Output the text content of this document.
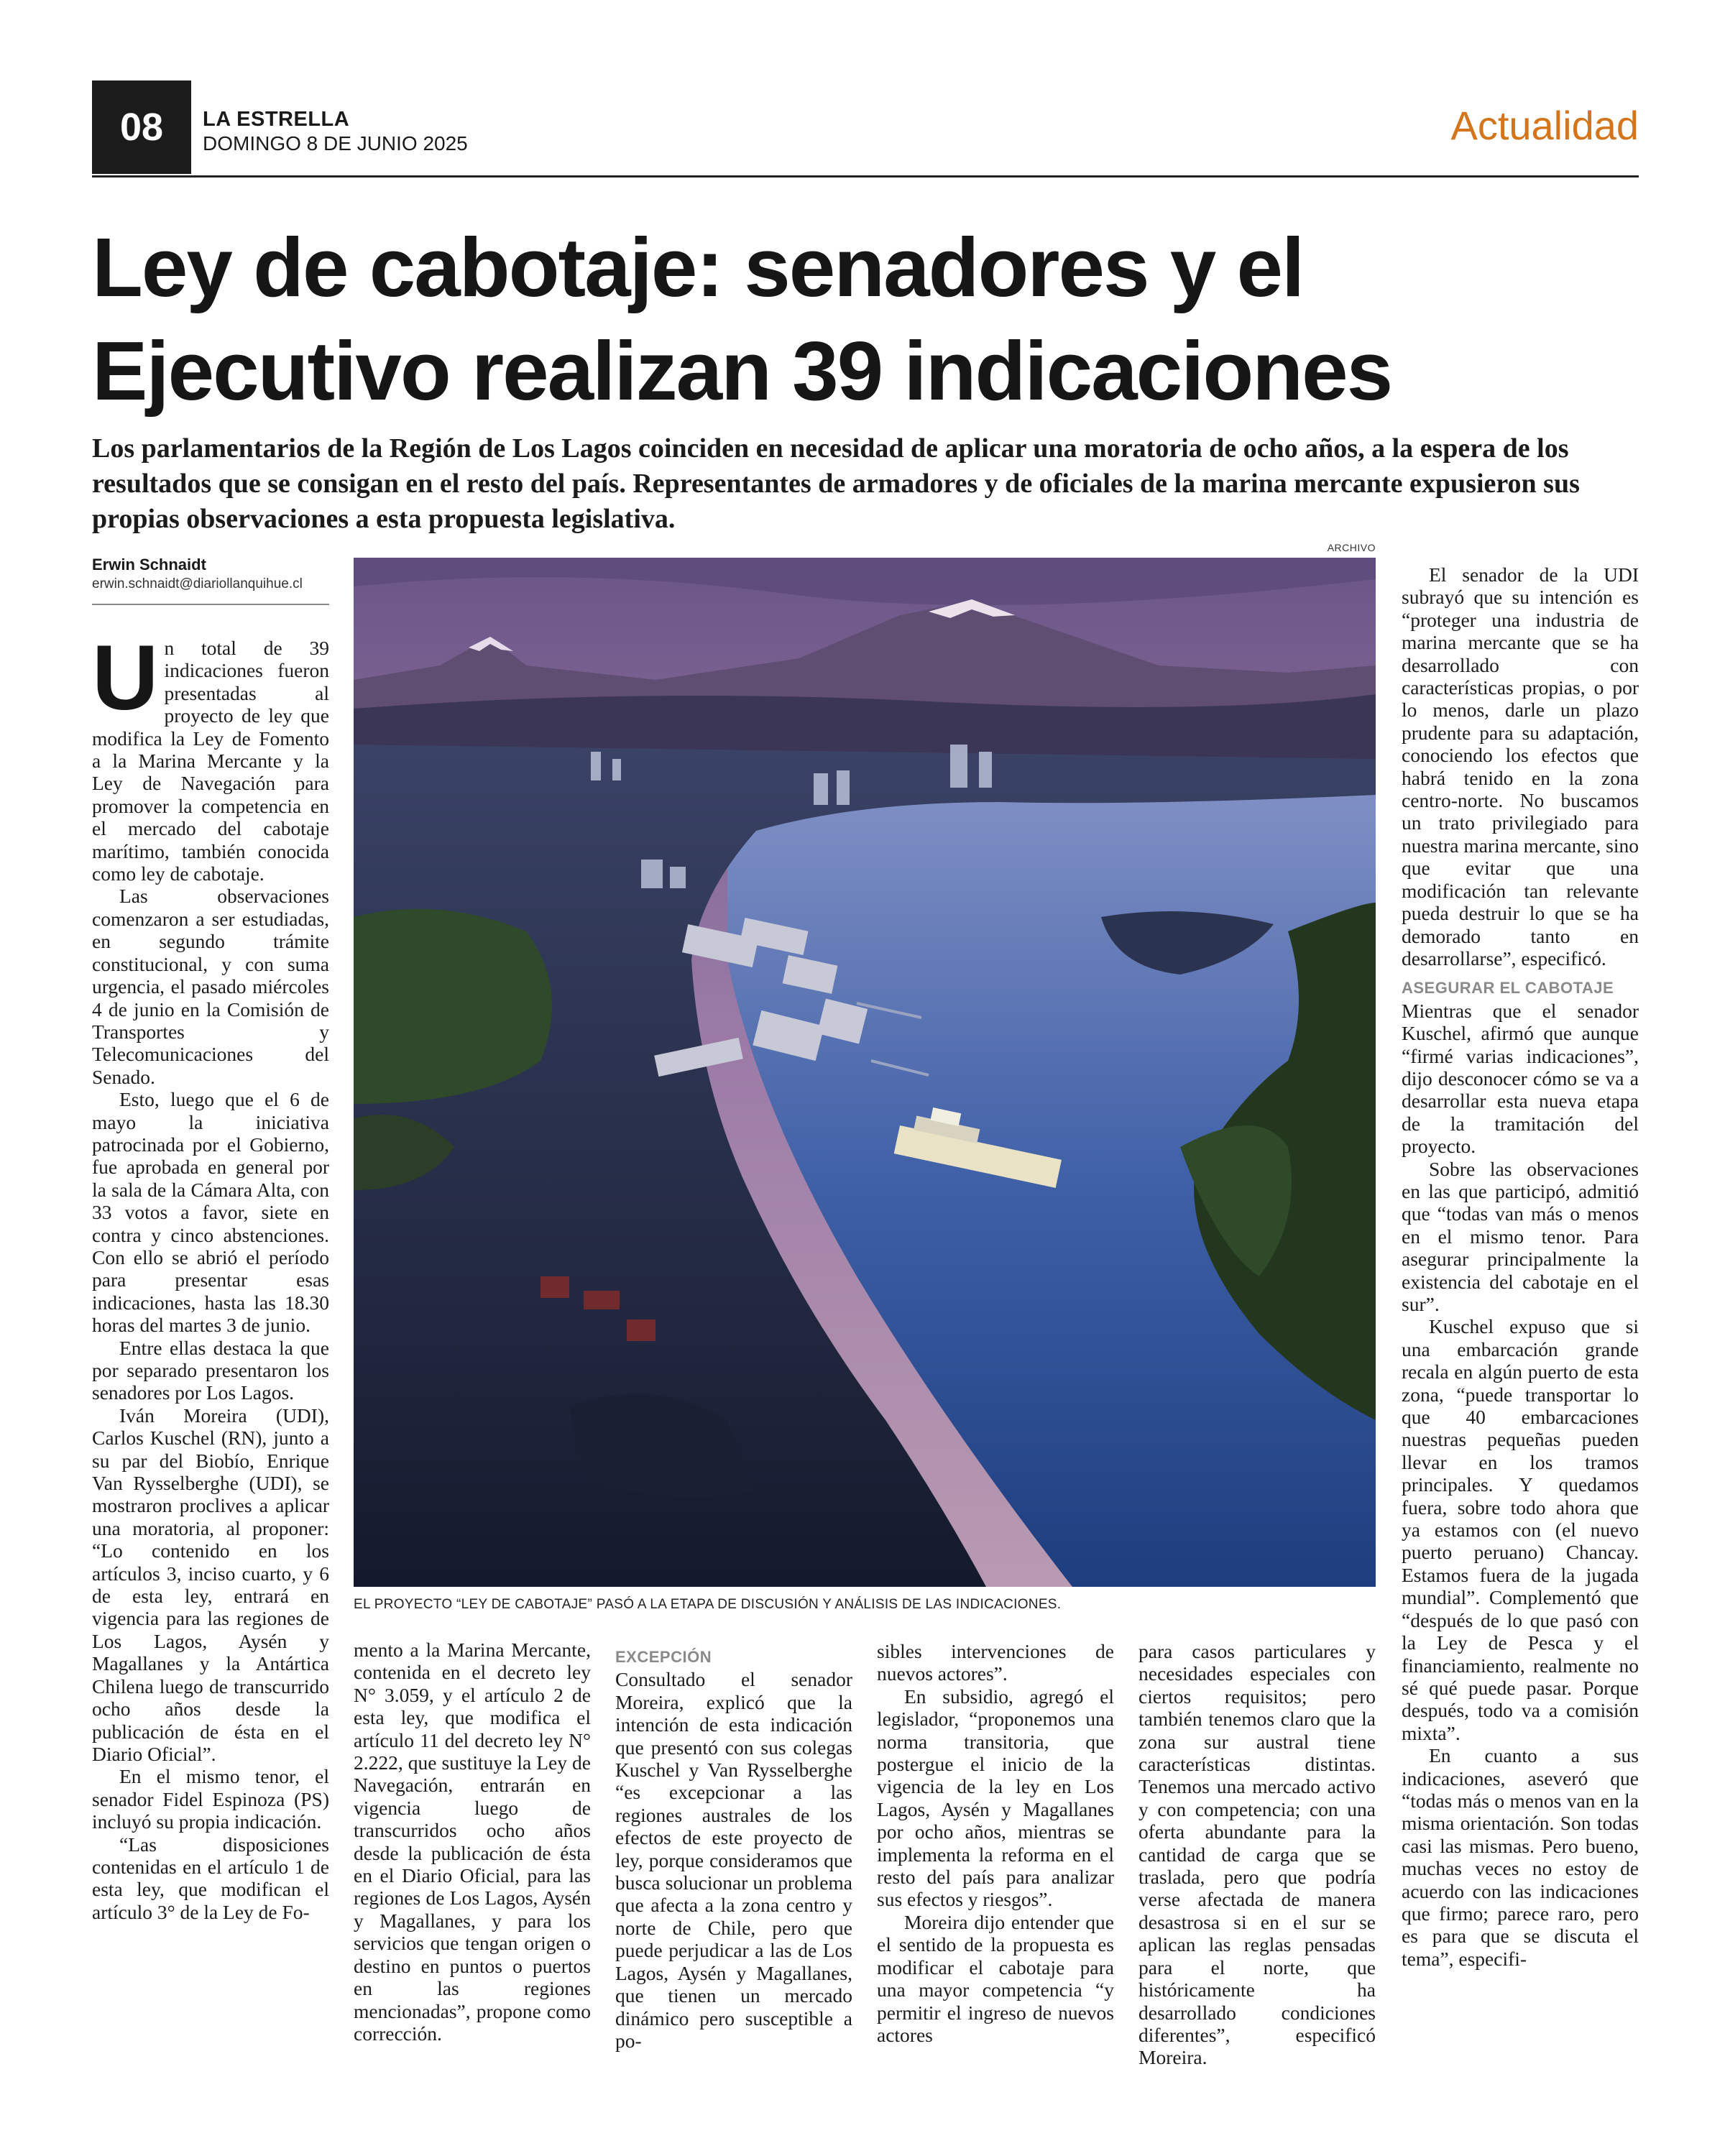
08	LA ESTRELLA
DOMINGO 8 DE JUNIO 2025	Actualidad
Ley de cabotaje: senadores y el Ejecutivo realizan 39 indicaciones
Los parlamentarios de la Región de Los Lagos coinciden en necesidad de aplicar una moratoria de ocho años, a la espera de los resultados que se consigan en el resto del país. Representantes de armadores y de oficiales de la marina mercante expusieron sus propias observaciones a esta propuesta legislativa.
Erwin Schnaidt
erwin.schnaidt@diariollanquihue.cl

Un total de 39 indicaciones fueron presentadas al proyecto de ley que modifica la Ley de Fomento a la Marina Mercante y la Ley de Navegación para promover la competencia en el mercado del cabotaje marítimo, también conocida como ley de cabotaje.

Las observaciones comenzaron a ser estudiadas, en segundo trámite constitucional, y con suma urgencia, el pasado miércoles 4 de junio en la Comisión de Transportes y Telecomunicaciones del Senado.

Esto, luego que el 6 de mayo la iniciativa patrocinada por el Gobierno, fue aprobada en general por la sala de la Cámara Alta, con 33 votos a favor, siete en contra y cinco abstenciones. Con ello se abrió el período para presentar esas indicaciones, hasta las 18.30 horas del martes 3 de junio.

Entre ellas destaca la que por separado presentaron los senadores por Los Lagos.

Iván Moreira (UDI), Carlos Kuschel (RN), junto a su par del Biobío, Enrique Van Rysselberghe (UDI), se mostraron proclives a aplicar una moratoria, al proponer: “Lo contenido en los artículos 3, inciso cuarto, y 6 de esta ley, entrará en vigencia para las regiones de Los Lagos, Aysén y Magallanes y la Antártica Chilena luego de transcurrido ocho años desde la publicación de ésta en el Diario Oficial”.

En el mismo tenor, el senador Fidel Espinoza (PS) incluyó su propia indicación.

“Las disposiciones contenidas en el artículo 1 de esta ley, que modifican el artículo 3° de la Ley de Fo-

ARCHIVO
EL PROYECTO “LEY DE CABOTAJE” PASÓ A LA ETAPA DE DISCUSIÓN Y ANÁLISIS DE LAS INDICACIONES.

mento a la Marina Mercante, contenida en el decreto ley N° 3.059, y el artículo 2 de esta ley, que modifica el artículo 11 del decreto ley N° 2.222, que sustituye la Ley de Navegación, entrarán en vigencia luego de transcurridos ocho años desde la publicación de ésta en el Diario Oficial, para las regiones de Los Lagos, Aysén y Magallanes, y para los servicios que tengan origen o destino en puntos o puertos en las regiones mencionadas”, propone como corrección.

EXCEPCIÓN

Consultado el senador Moreira, explicó que la intención de esta indicación que presentó con sus colegas Kuschel y Van Rysselberghe “es excepcionar a las regiones australes de los efectos de este proyecto de ley, porque consideramos que busca solucionar un problema que afecta a la zona centro y norte de Chile, pero que puede perjudicar a las de Los Lagos, Aysén y Magallanes, que tienen un mercado dinámico pero susceptible a po-

sibles intervenciones de nuevos actores”.

En subsidio, agregó el legislador, “proponemos una norma transitoria, que postergue el inicio de la vigencia de la ley en Los Lagos, Aysén y Magallanes por ocho años, mientras se implementa la reforma en el resto del país para analizar sus efectos y riesgos”.

Moreira dijo entender que el sentido de la propuesta es modificar el cabotaje para una mayor competencia “y permitir el ingreso de nuevos actores

para casos particulares y necesidades especiales con ciertos requisitos; pero también tenemos claro que la zona sur austral tiene características distintas. Tenemos una mercado activo y con competencia; con una oferta abundante para la cantidad de carga que se traslada, pero que podría verse afectada de manera desastrosa si en el sur se aplican las reglas pensadas para el norte, que históricamente ha desarrollado condiciones diferentes”, especificó Moreira.

El senador de la UDI subrayó que su intención es “proteger una industria de marina mercante que se ha desarrollado con características propias, o por lo menos, darle un plazo prudente para su adaptación, conociendo los efectos que habrá tenido en la zona centro-norte. No buscamos un trato privilegiado para nuestra marina mercante, sino que evitar que una modificación tan relevante pueda destruir lo que se ha demorado tanto en desarrollarse”, especificó.

ASEGURAR EL CABOTAJE

Mientras que el senador Kuschel, afirmó que aunque “firmé varias indicaciones”, dijo desconocer cómo se va a desarrollar esta nueva etapa de la tramitación del proyecto.

Sobre las observaciones en las que participó, admitió que “todas van más o menos en el mismo tenor. Para asegurar principalmente la existencia del cabotaje en el sur”.

Kuschel expuso que si una embarcación grande recala en algún puerto de esta zona, “puede transportar lo que 40 embarcaciones nuestras pequeñas pueden llevar en los tramos principales. Y quedamos fuera, sobre todo ahora que ya estamos con (el nuevo puerto peruano) Chancay. Estamos fuera de la jugada mundial”. Complementó que “después de lo que pasó con la Ley de Pesca y el financiamiento, realmente no sé qué puede pasar. Porque después, todo va a comisión mixta”.

En cuanto a sus indicaciones, aseveró que “todas más o menos van en la misma orientación. Son todas casi las mismas. Pero bueno, muchas veces no estoy de acuerdo con las indicaciones que firmo; parece raro, pero es para que se discuta el tema”, especifi-
